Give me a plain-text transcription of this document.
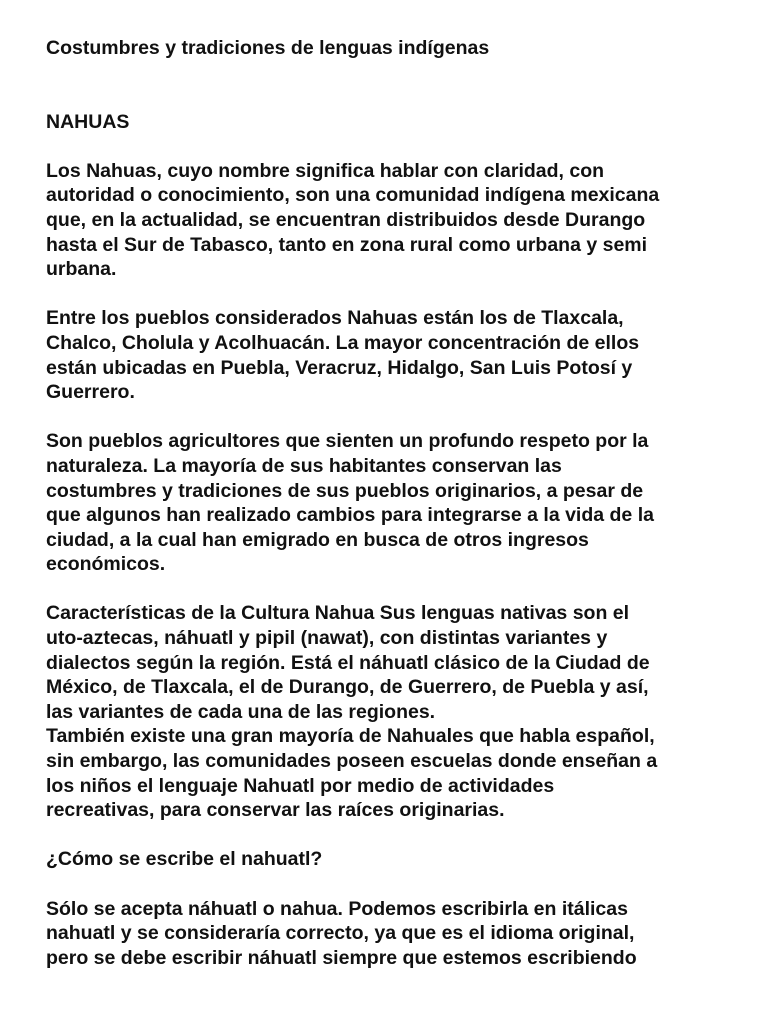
Costumbres y tradiciones de lenguas indígenas
NAHUAS

Los Nahuas, cuyo nombre significa hablar con claridad, con
autoridad o conocimiento, son una comunidad indígena mexicana
que, en la actualidad, se encuentran distribuidos desde Durango
hasta el Sur de Tabasco, tanto en zona rural como urbana y semi
urbana.

Entre los pueblos considerados Nahuas están los de Tlaxcala,
Chalco, Cholula y Acolhuacán. La mayor concentración de ellos
están ubicadas en Puebla, Veracruz, Hidalgo, San Luis Potosí y
Guerrero.

Son pueblos agricultores que sienten un profundo respeto por la
naturaleza. La mayoría de sus habitantes conservan las
costumbres y tradiciones de sus pueblos originarios, a pesar de
que algunos han realizado cambios para integrarse a la vida de la
ciudad, a la cual han emigrado en busca de otros ingresos
económicos.

Características de la Cultura Nahua Sus lenguas nativas son el
uto-aztecas, náhuatl y pipil (nawat), con distintas variantes y
dialectos según la región. Está el náhuatl clásico de la Ciudad de
México, de Tlaxcala, el de Durango, de Guerrero, de Puebla y así,
las variantes de cada una de las regiones.

También existe una gran mayoría de Nahuales que habla español,
sin embargo, las comunidades poseen escuelas donde enseñan a
los niños el lenguaje Nahuatl por medio de actividades
recreativas, para conservar las raíces originarias.

¿Cómo se escribe el nahuatl?

Sólo se acepta náhuatl o nahua. Podemos escribirla en itálicas
nahuatl y se consideraría correcto, ya que es el idioma original,
pero se debe escribir náhuatl siempre que estemos escribiendo
